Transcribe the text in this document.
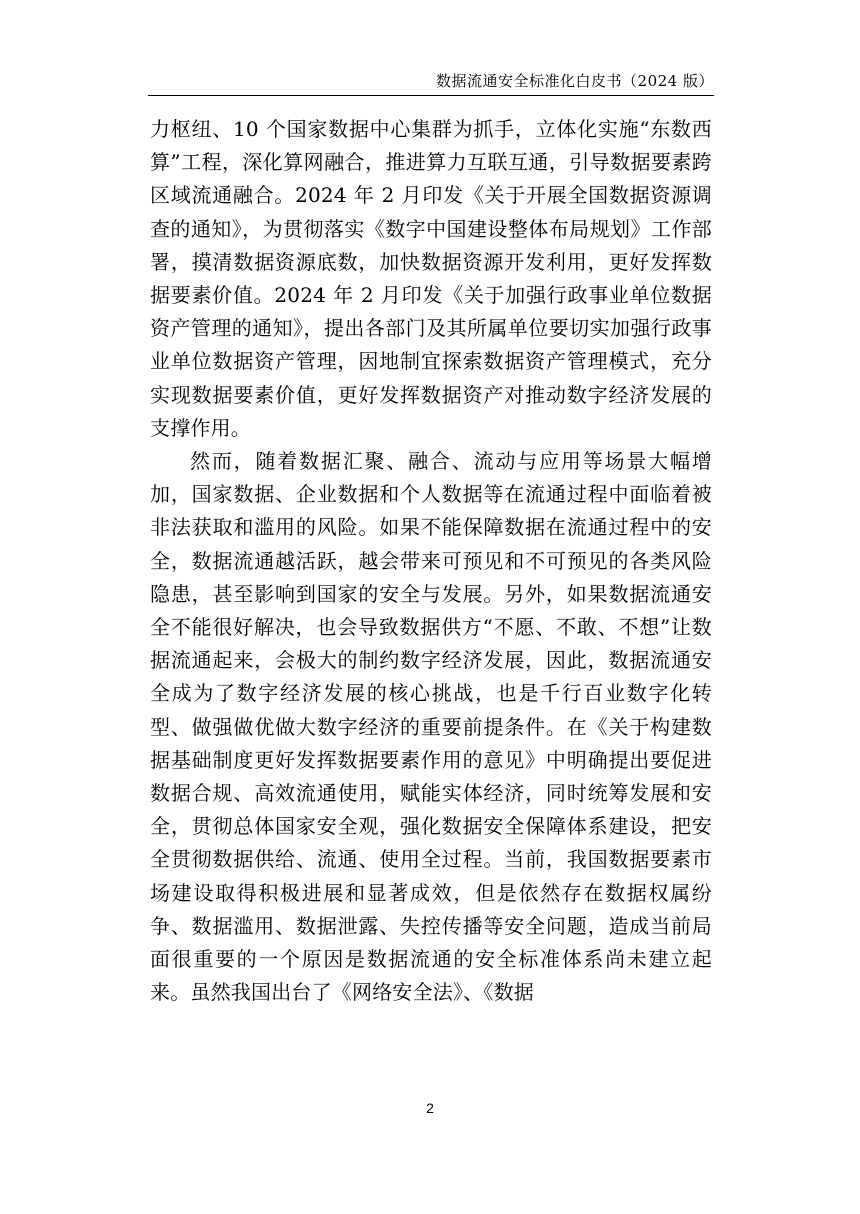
数据流通安全标准化白皮书（2024 版）

力枢纽、10 个国家数据中心集群为抓手，立体化实施“东数西算”工程，深化算网融合，推进算力互联互通，引导数据要素跨区域流通融合。2024 年 2 月印发《关于开展全国数据资源调查的通知》，为贯彻落实《数字中国建设整体布局规划》工作部署，摸清数据资源底数，加快数据资源开发利用，更好发挥数据要素价值。2024 年 2 月印发《关于加强行政事业单位数据资产管理的通知》，提出各部门及其所属单位要切实加强行政事业单位数据资产管理，因地制宜探索数据资产管理模式，充分实现数据要素价值，更好发挥数据资产对推动数字经济发展的支撑作用。

然而，随着数据汇聚、融合、流动与应用等场景大幅增加，国家数据、企业数据和个人数据等在流通过程中面临着被非法获取和滥用的风险。如果不能保障数据在流通过程中的安全，数据流通越活跃，越会带来可预见和不可预见的各类风险隐患，甚至影响到国家的安全与发展。另外，如果数据流通安全不能很好解决，也会导致数据供方“不愿、不敢、不想”让数据流通起来，会极大的制约数字经济发展，因此，数据流通安全成为了数字经济发展的核心挑战，也是千行百业数字化转型、做强做优做大数字经济的重要前提条件。在《关于构建数据基础制度更好发挥数据要素作用的意见》中明确提出要促进数据合规、高效流通使用，赋能实体经济，同时统筹发展和安全，贯彻总体国家安全观，强化数据安全保障体系建设，把安全贯彻数据供给、流通、使用全过程。当前，我国数据要素市场建设取得积极进展和显著成效，但是依然存在数据权属纷争、数据滥用、数据泄露、失控传播等安全问题，造成当前局面很重要的一个原因是数据流通的安全标准体系尚未建立起来。虽然我国出台了《网络安全法》、《数据

2
